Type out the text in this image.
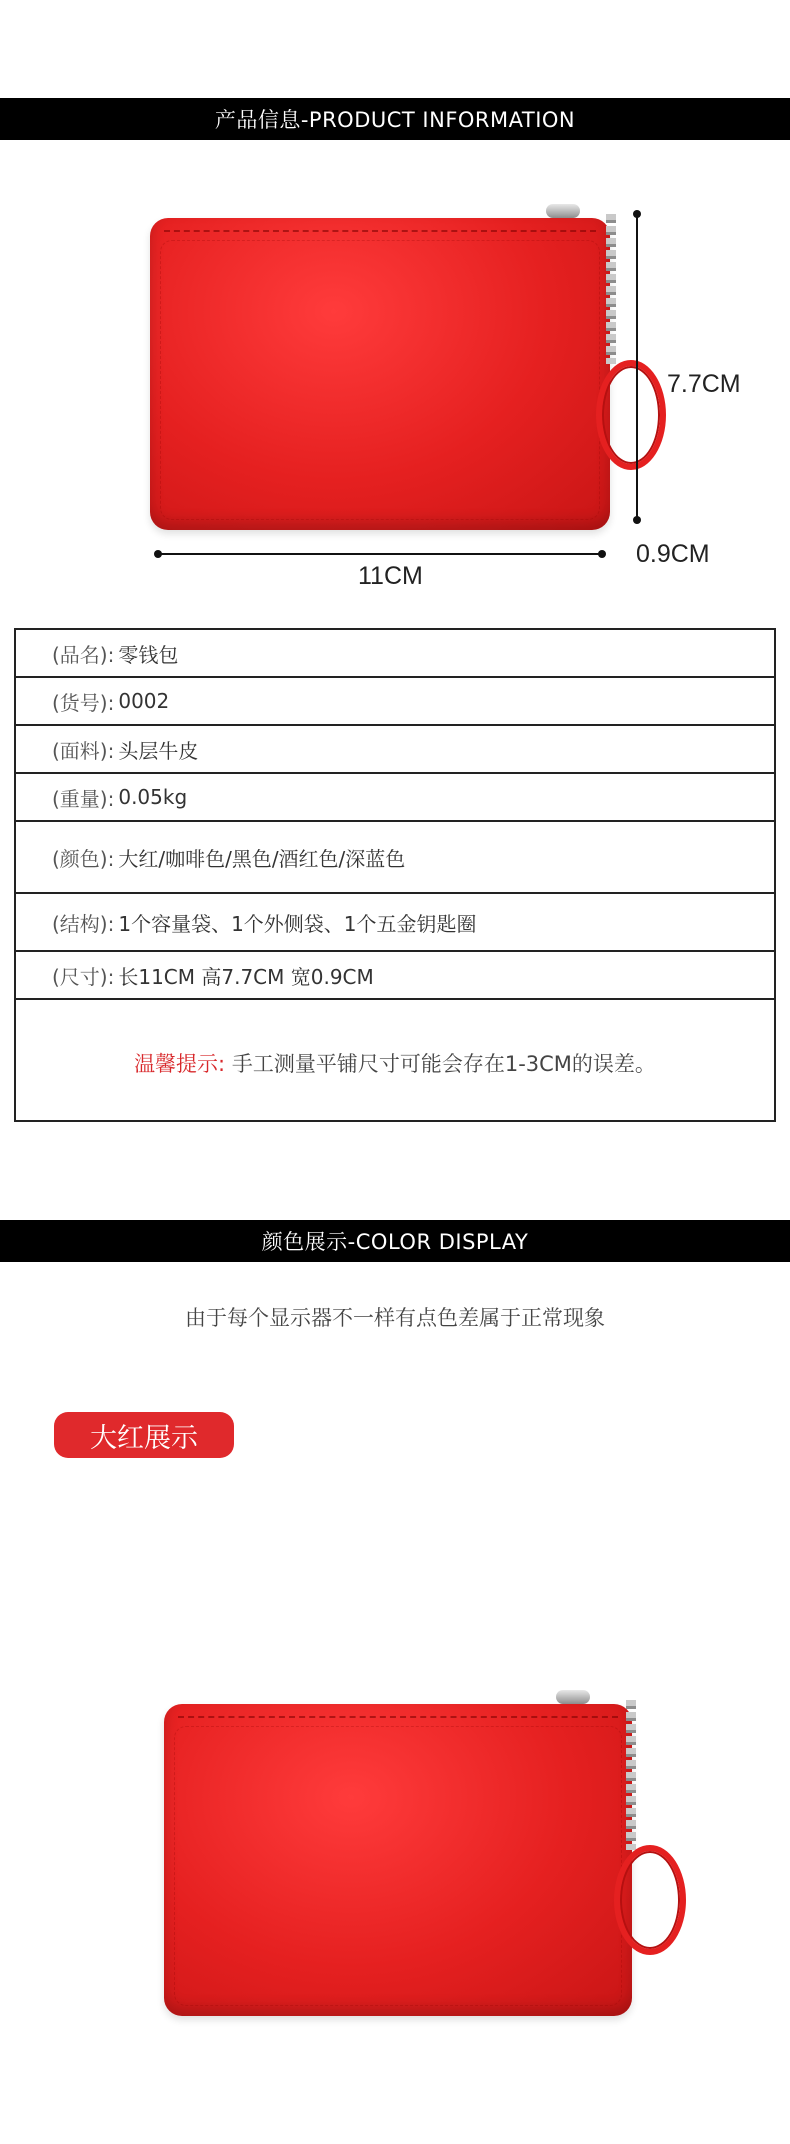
产品信息-PRODUCT INFORMATION
7.7CM
0.9CM
11CM
(品名): 零钱包
(货号): 0002
(面料): 头层牛皮
(重量): 0.05kg
(颜色): 大红/咖啡色/黑色/酒红色/深蓝色
(结构): 1个容量袋、1个外侧袋、1个五金钥匙圈
(尺寸): 长11CM 高7.7CM 宽0.9CM
温馨提示: 手工测量平铺尺寸可能会存在1-3CM的误差。
颜色展示-COLOR DISPLAY
由于每个显示器不一样有点色差属于正常现象
大红展示
